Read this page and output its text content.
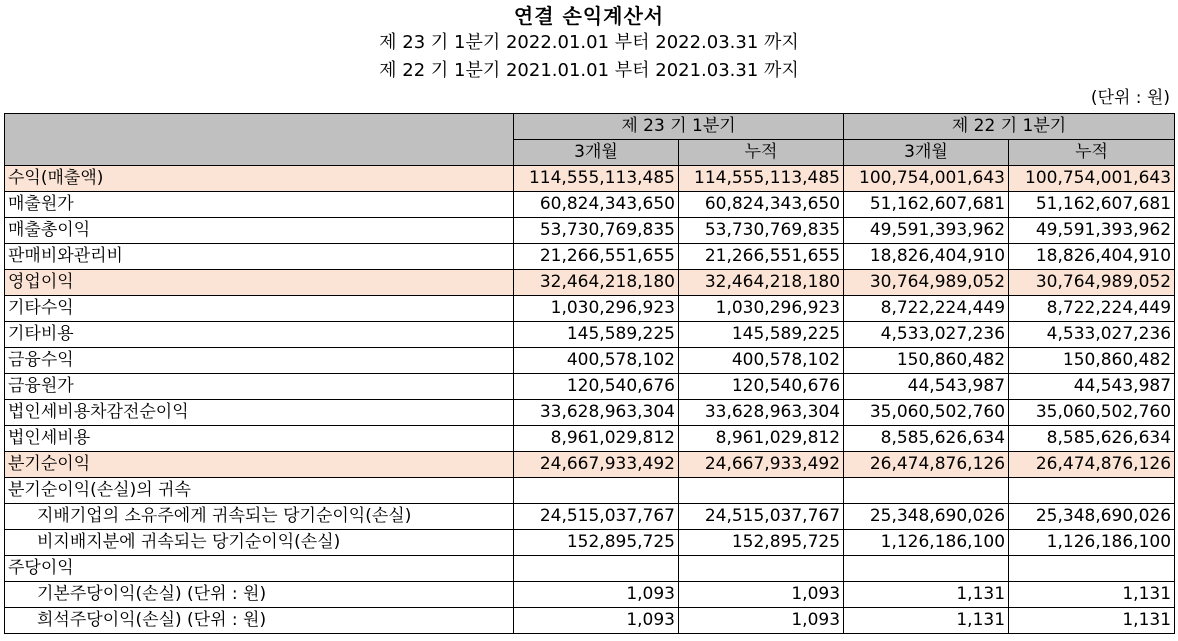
연결 손익계산서
제 23 기 1분기 2022.01.01 부터 2022.03.31 까지
제 22 기 1분기 2021.01.01 부터 2021.03.31 까지
(단위 : 원)
	제 23 기 1분기		제 22 기 1분기	
	3개월	누적	3개월	누적
수익(매출액)	114,555,113,485	114,555,113,485	100,754,001,643	100,754,001,643
매출원가	60,824,343,650	60,824,343,650	51,162,607,681	51,162,607,681
매출총이익	53,730,769,835	53,730,769,835	49,591,393,962	49,591,393,962
판매비와관리비	21,266,551,655	21,266,551,655	18,826,404,910	18,826,404,910
영업이익	32,464,218,180	32,464,218,180	30,764,989,052	30,764,989,052
기타수익	1,030,296,923	1,030,296,923	8,722,224,449	8,722,224,449
기타비용	145,589,225	145,589,225	4,533,027,236	4,533,027,236
금융수익	400,578,102	400,578,102	150,860,482	150,860,482
금융원가	120,540,676	120,540,676	44,543,987	44,543,987
법인세비용차감전순이익	33,628,963,304	33,628,963,304	35,060,502,760	35,060,502,760
법인세비용	8,961,029,812	8,961,029,812	8,585,626,634	8,585,626,634
분기순이익	24,667,933,492	24,667,933,492	26,474,876,126	26,474,876,126
분기순이익(손실)의 귀속				
지배기업의 소유주에게 귀속되는 당기순이익(손실)	24,515,037,767	24,515,037,767	25,348,690,026	25,348,690,026
비지배지분에 귀속되는 당기순이익(손실)	152,895,725	152,895,725	1,126,186,100	1,126,186,100
주당이익				
기본주당이익(손실) (단위 : 원)	1,093	1,093	1,131	1,131
희석주당이익(손실) (단위 : 원)	1,093	1,093	1,131	1,131
